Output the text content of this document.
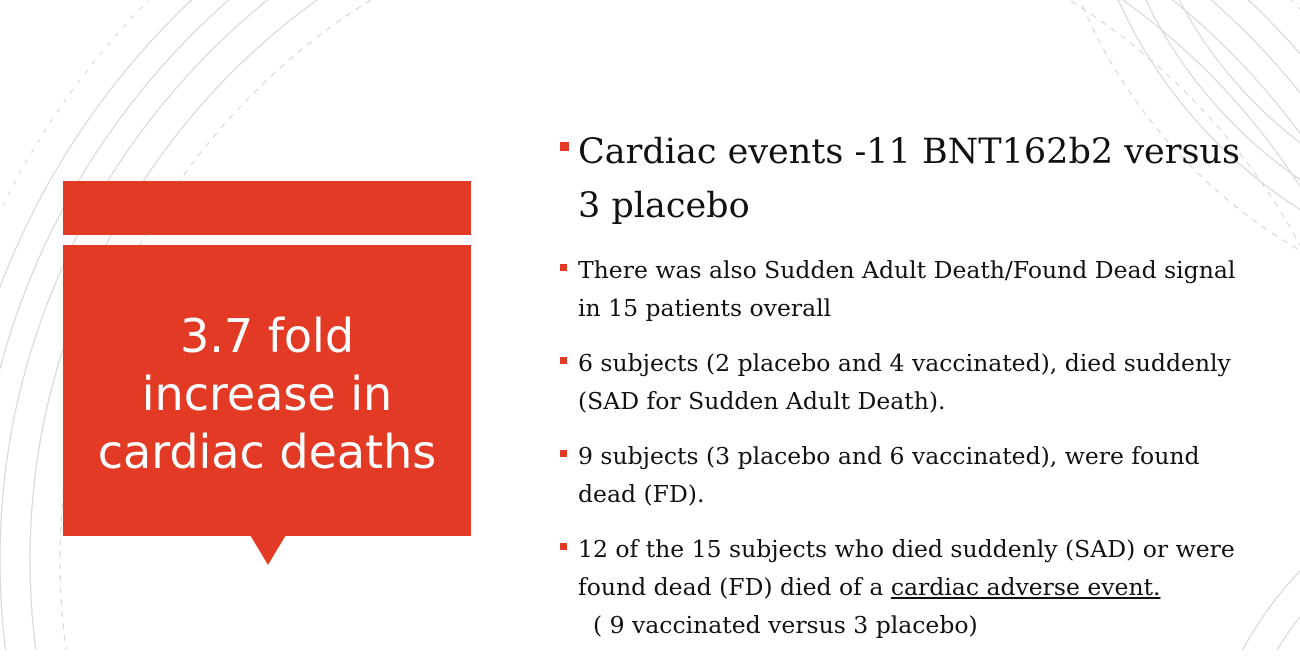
3.7 fold increase in cardiac deaths
Cardiac events -11 BNT162b2 versus 3 placebo
There was also Sudden Adult Death/Found Dead signal in 15 patients overall
6 subjects (2 placebo and 4 vaccinated), died suddenly (SAD for Sudden Adult Death).
9 subjects (3 placebo and 6 vaccinated), were found dead (FD).
12 of the 15 subjects who died suddenly (SAD) or were found dead (FD) died of a cardiac adverse event.  ( 9 vaccinated versus 3 placebo)
